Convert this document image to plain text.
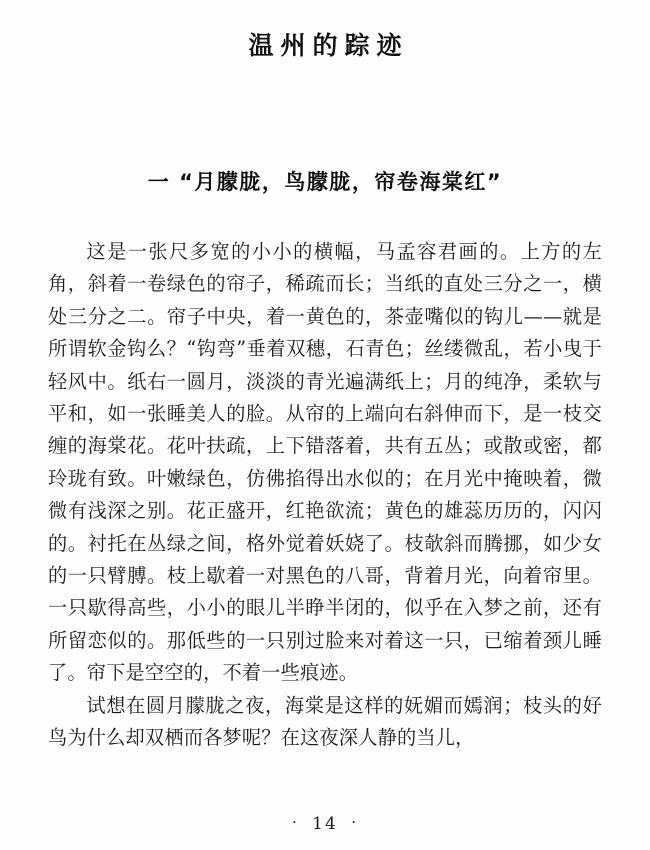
温州的踪迹
一 “月朦胧，鸟朦胧，帘卷海棠红”

这是一张尺多宽的小小的横幅，马孟容君画的。上方的左角，斜着一卷绿色的帘子，稀疏而长；当纸的直处三分之一，横处三分之二。帘子中央，着一黄色的，茶壶嘴似的钩儿——就是所谓软金钩么？“钩弯”垂着双穗，石青色；丝缕微乱，若小曳于轻风中。纸右一圆月，淡淡的青光遍满纸上；月的纯净，柔软与平和，如一张睡美人的脸。从帘的上端向右斜伸而下，是一枝交缠的海棠花。花叶扶疏，上下错落着，共有五丛；或散或密，都玲珑有致。叶嫩绿色，仿佛掐得出水似的；在月光中掩映着，微微有浅深之别。花正盛开，红艳欲流；黄色的雄蕊历历的，闪闪的。衬托在丛绿之间，格外觉着妖娆了。枝欹斜而腾挪，如少女的一只臂膊。枝上歇着一对黑色的八哥，背着月光，向着帘里。一只歇得高些，小小的眼儿半睁半闭的，似乎在入梦之前，还有所留恋似的。那低些的一只别过脸来对着这一只，已缩着颈儿睡了。帘下是空空的，不着一些痕迹。

试想在圆月朦胧之夜，海棠是这样的妩媚而嫣润；枝头的好鸟为什么却双栖而各梦呢？在这夜深人静的当儿，

· 14 ·
